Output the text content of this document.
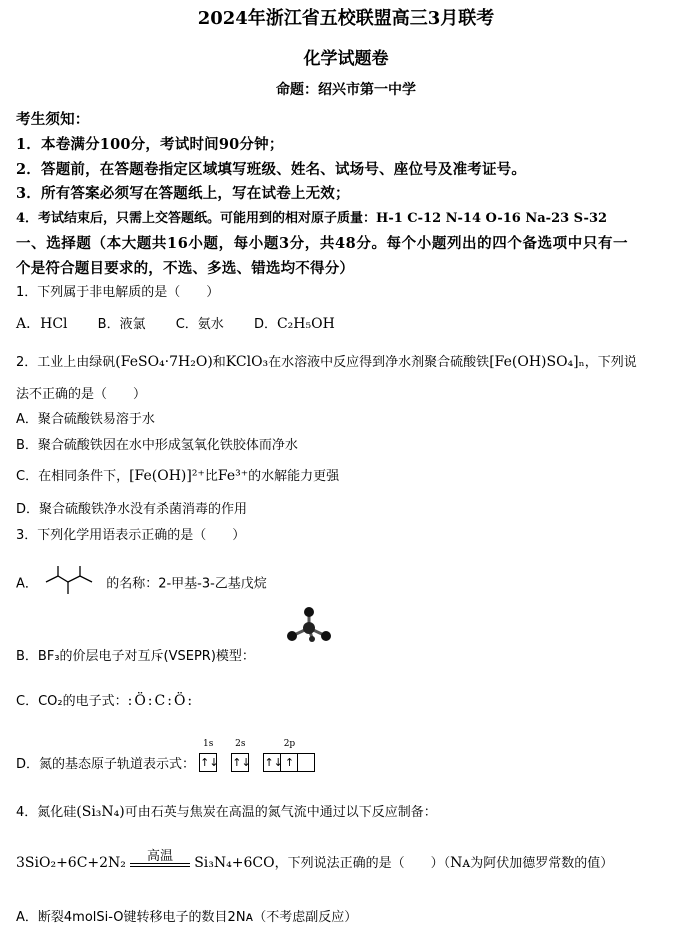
2024年浙江省五校联盟高三3月联考
化学试题卷
命题：绍兴市第一中学
考生须知：
1．本卷满分100分，考试时间90分钟；
2．答题前，在答题卷指定区域填写班级、姓名、试场号、座位号及准考证号。
3．所有答案必须写在答题纸上，写在试卷上无效；
4．考试结束后，只需上交答题纸。可能用到的相对原子质量：H-1 C-12 N-14 O-16 Na-23 S-32
一、选择题（本大题共16小题，每小题3分，共48分。每个小题列出的四个备选项中只有一
个是符合题目要求的，不选、多选、错选均不得分）
1．下列属于非电解质的是（　　）
A．HCl B．液氯 C．氨水 D．C₂H₅OH
2．工业上由绿矾(FeSO₄·7H₂O)和KClO₃在水溶液中反应得到净水剂聚合硫酸铁[Fe(OH)SO₄]ₙ，下列说
法不正确的是（　　）
A．聚合硫酸铁易溶于水
B．聚合硫酸铁因在水中形成氢氧化铁胶体而净水
C．在相同条件下，[Fe(OH)]²⁺比Fe³⁺的水解能力更强
D．聚合硫酸铁净水没有杀菌消毒的作用
3．下列化学用语表示正确的是（　　）
A．	的名称：2-甲基-3-乙基戊烷
B．BF₃的价层电子对互斥(VSEPR)模型：
C．CO₂的电子式：:Ö:C:Ö:
D．氮的基态原子轨道表示式：
1s
↑↓

2s
↑↓

2p
↑↓ ↑
4．氮化硅(Si₃N₄)可由石英与焦炭在高温的氮气流中通过以下反应制备：
3SiO₂+6C+2N₂	高温	Si₃N₄+6CO，下列说法正确的是（　　）（Nᴀ为阿伏加德罗常数的值）
A．断裂4molSi-O键转移电子的数目2Nᴀ（不考虑副反应）
